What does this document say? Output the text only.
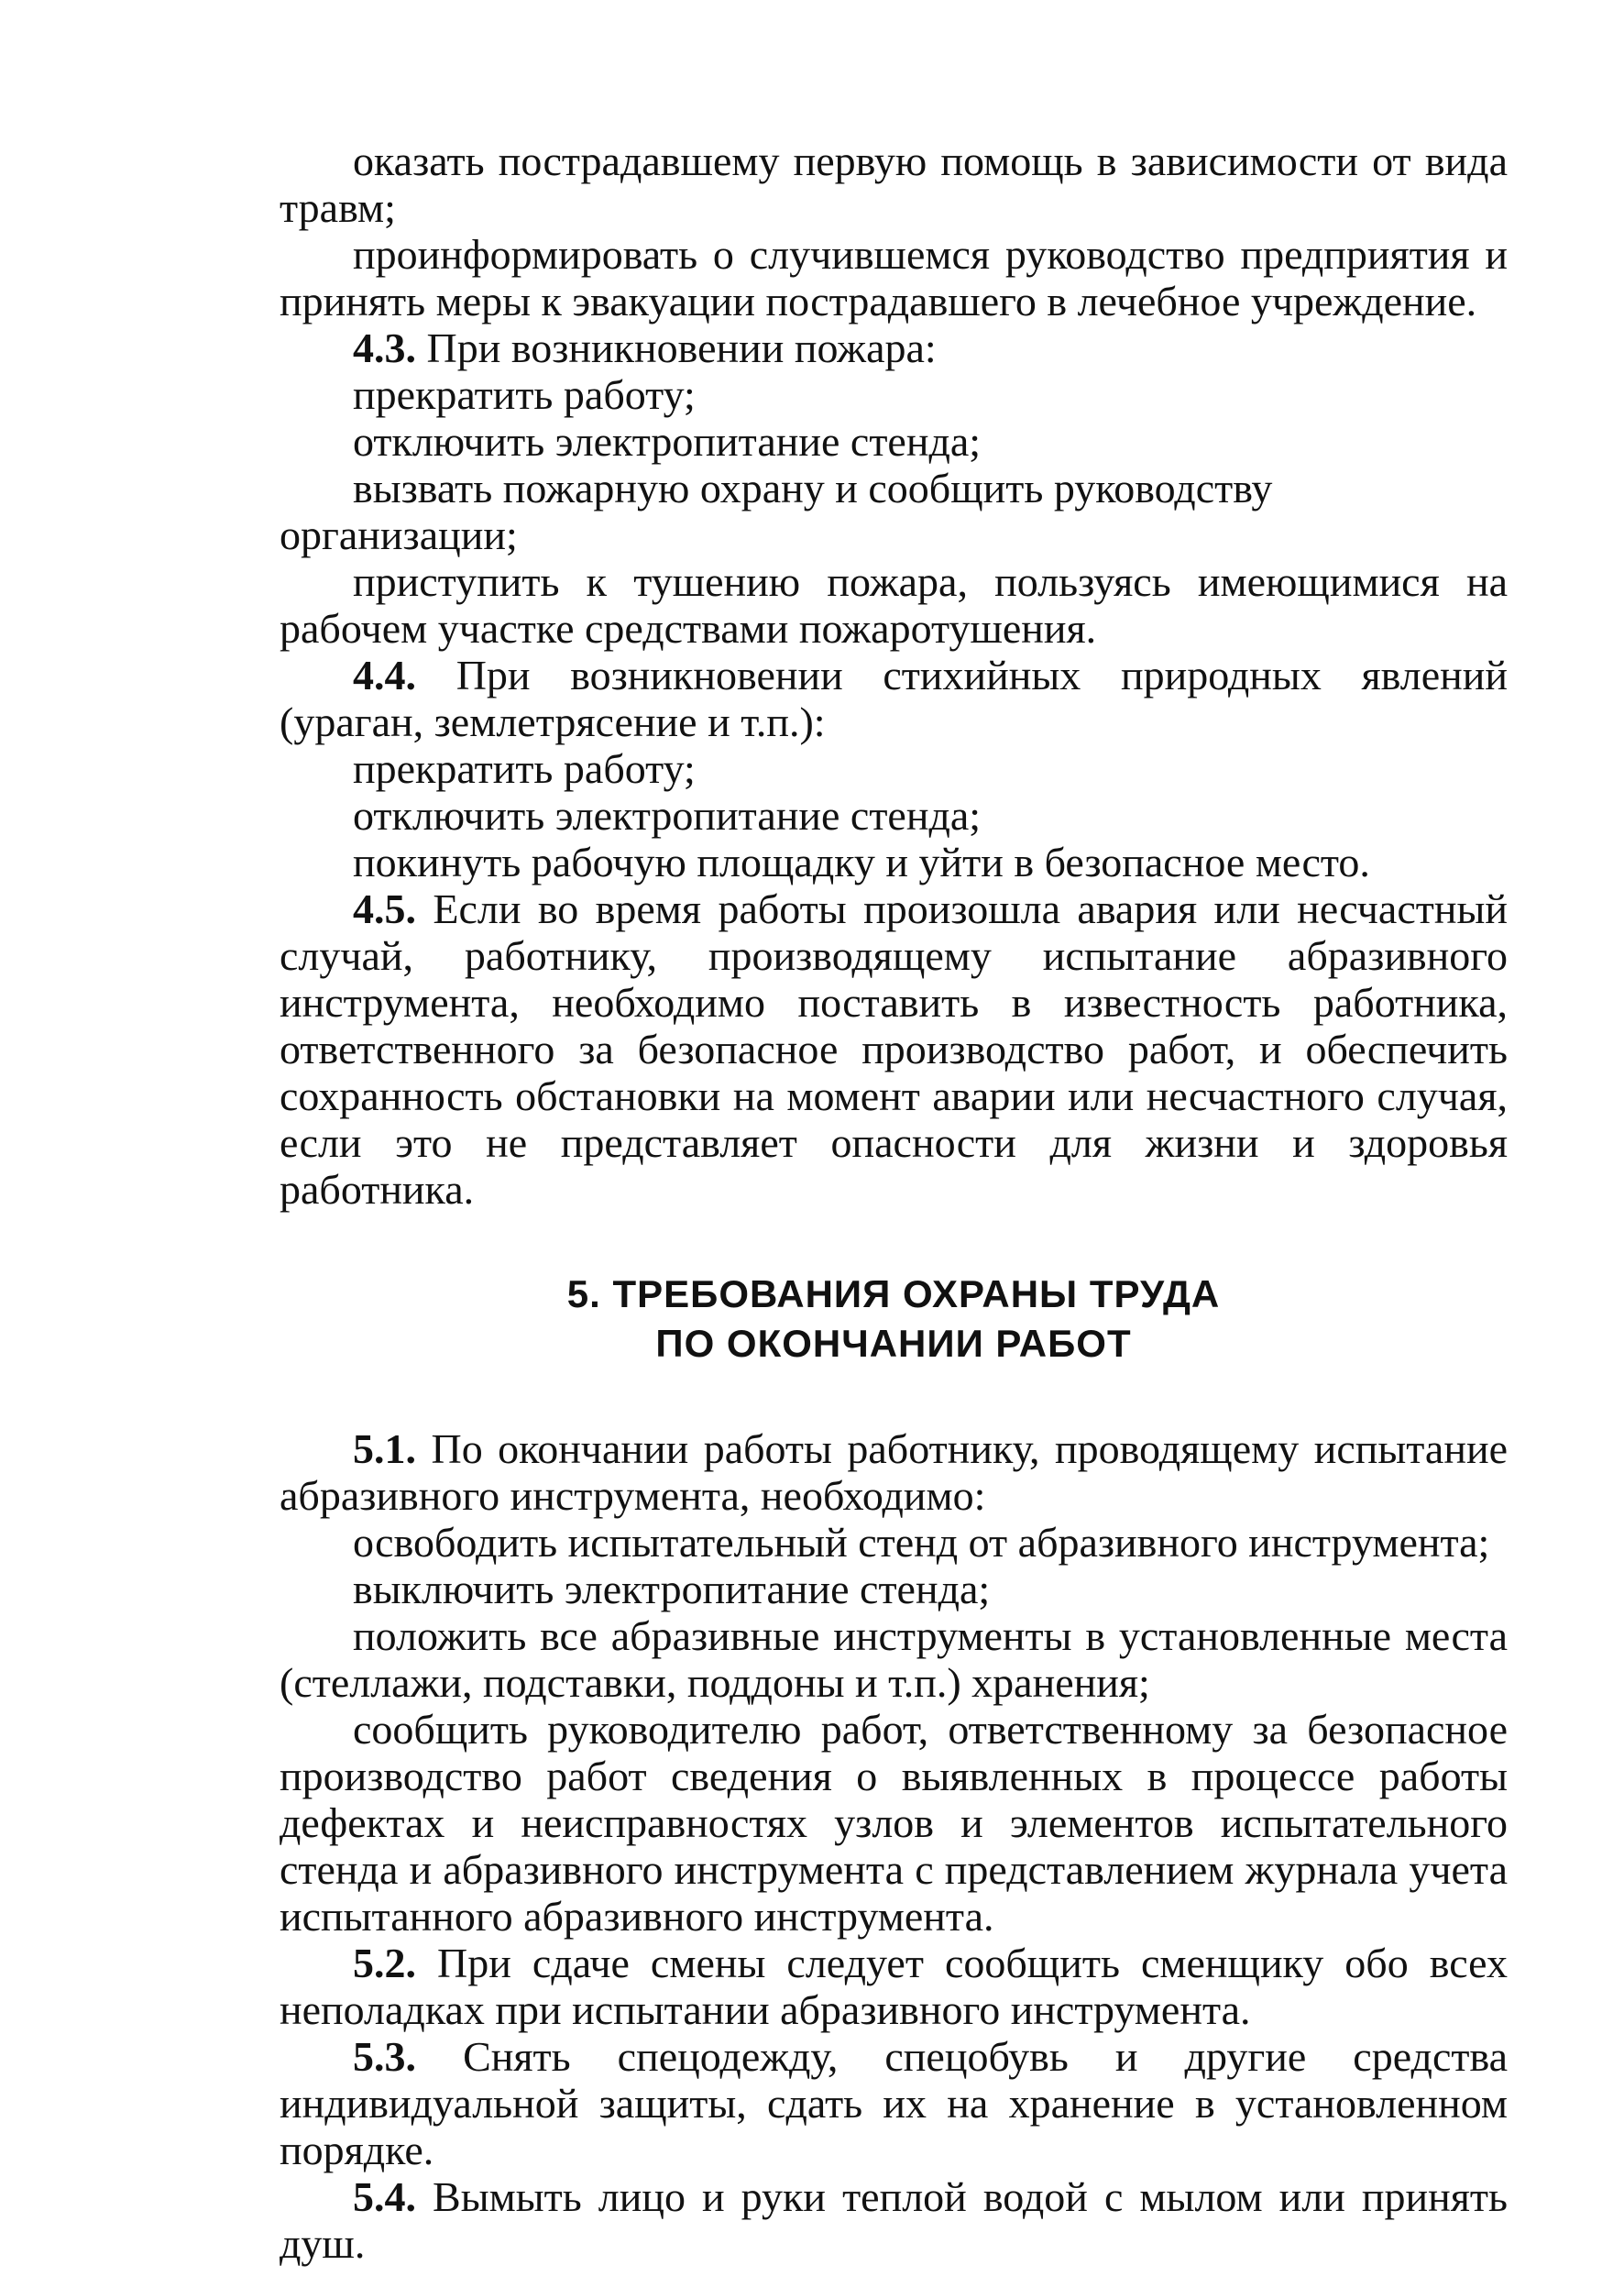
оказать пострадавшему первую помощь в зависимости от вида травм;

проинформировать о случившемся руководство предприятия и принять меры к эвакуации пострадавшего в лечебное учреждение.

4.3. При возникновении пожара:

прекратить работу;

отключить электропитание стенда;

вызвать пожарную охрану и сообщить руководству организации;

приступить к тушению пожара, пользуясь имеющимися на рабочем участке средствами пожаротушения.

4.4. При возникновении стихийных природных явлений (ураган, землетрясение и т.п.):

прекратить работу;

отключить электропитание стенда;

покинуть рабочую площадку и уйти в безопасное место.

4.5. Если во время работы произошла авария или несчастный случай, работнику, производящему испытание абразивного инструмента, необходимо поставить в известность работника, ответственного за безопасное производство работ, и обеспечить сохранность обстановки на момент аварии или несчастного случая, если это не представляет опасности для жизни и здоровья работника.

5. ТРЕБОВАНИЯ ОХРАНЫ ТРУДА

ПО ОКОНЧАНИИ РАБОТ

5.1. По окончании работы работнику, проводящему испытание абразивного инструмента, необходимо:

освободить испытательный стенд от абразивного инструмента;

выключить электропитание стенда;

положить все абразивные инструменты в установленные места (стеллажи, подставки, поддоны и т.п.) хранения;

сообщить руководителю работ, ответственному за безопасное производство работ сведения о выявленных в процессе работы дефектах и неисправностях узлов и элементов испытательного стенда и абразивного инструмента с представлением журнала учета испытанного абразивного инструмента.

5.2. При сдаче смены следует сообщить сменщику обо всех неполадках при испытании абразивного инструмента.

5.3. Снять спецодежду, спецобувь и другие средства индивидуальной защиты, сдать их на хранение в установленном порядке.

5.4. Вымыть лицо и руки теплой водой с мылом или принять душ.
